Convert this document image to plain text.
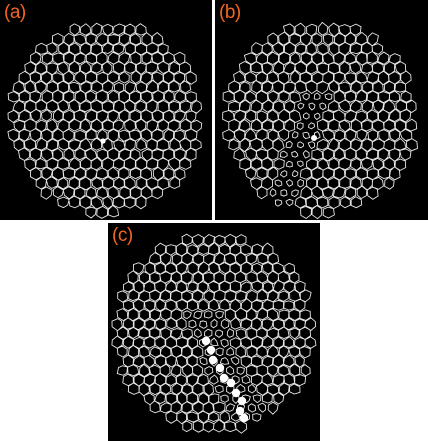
(a)	(b)
(c)
